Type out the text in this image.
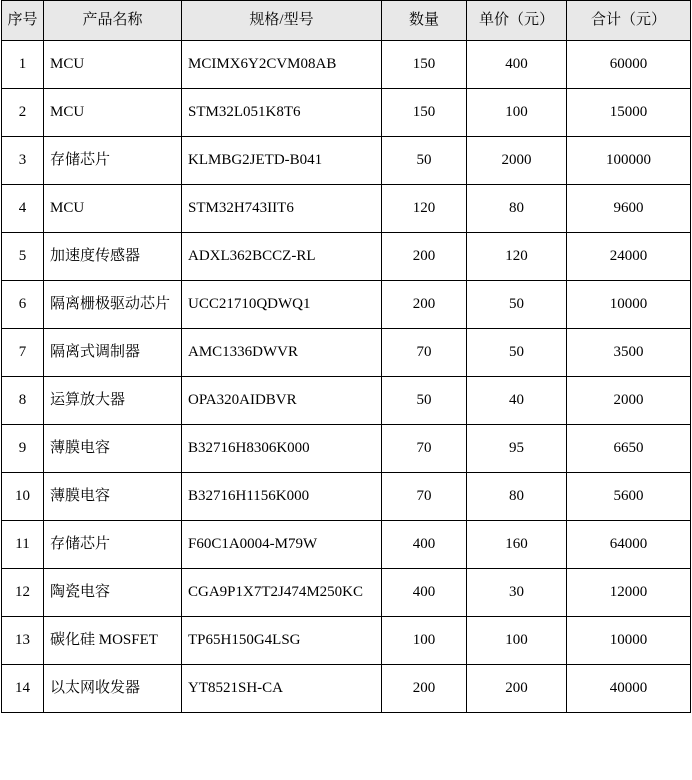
序号	产品名称	规格/型号	数量	单价（元）	合计（元）
1	MCU	MCIMX6Y2CVM08AB	150	400	60000
2	MCU	STM32L051K8T6	150	100	15000
3	存储芯片	KLMBG2JETD-B041	50	2000	100000
4	MCU	STM32H743IIT6	120	80	9600
5	加速度传感器	ADXL362BCCZ-RL	200	120	24000
6	隔离栅极驱动芯片	UCC21710QDWQ1	200	50	10000
7	隔离式调制器	AMC1336DWVR	70	50	3500
8	运算放大器	OPA320AIDBVR	50	40	2000
9	薄膜电容	B32716H8306K000	70	95	6650
10	薄膜电容	B32716H1156K000	70	80	5600
11	存储芯片	F60C1A0004-M79W	400	160	64000
12	陶瓷电容	CGA9P1X7T2J474M250KC	400	30	12000
13	碳化硅 MOSFET	TP65H150G4LSG	100	100	10000
14	以太网收发器	YT8521SH-CA	200	200	40000
